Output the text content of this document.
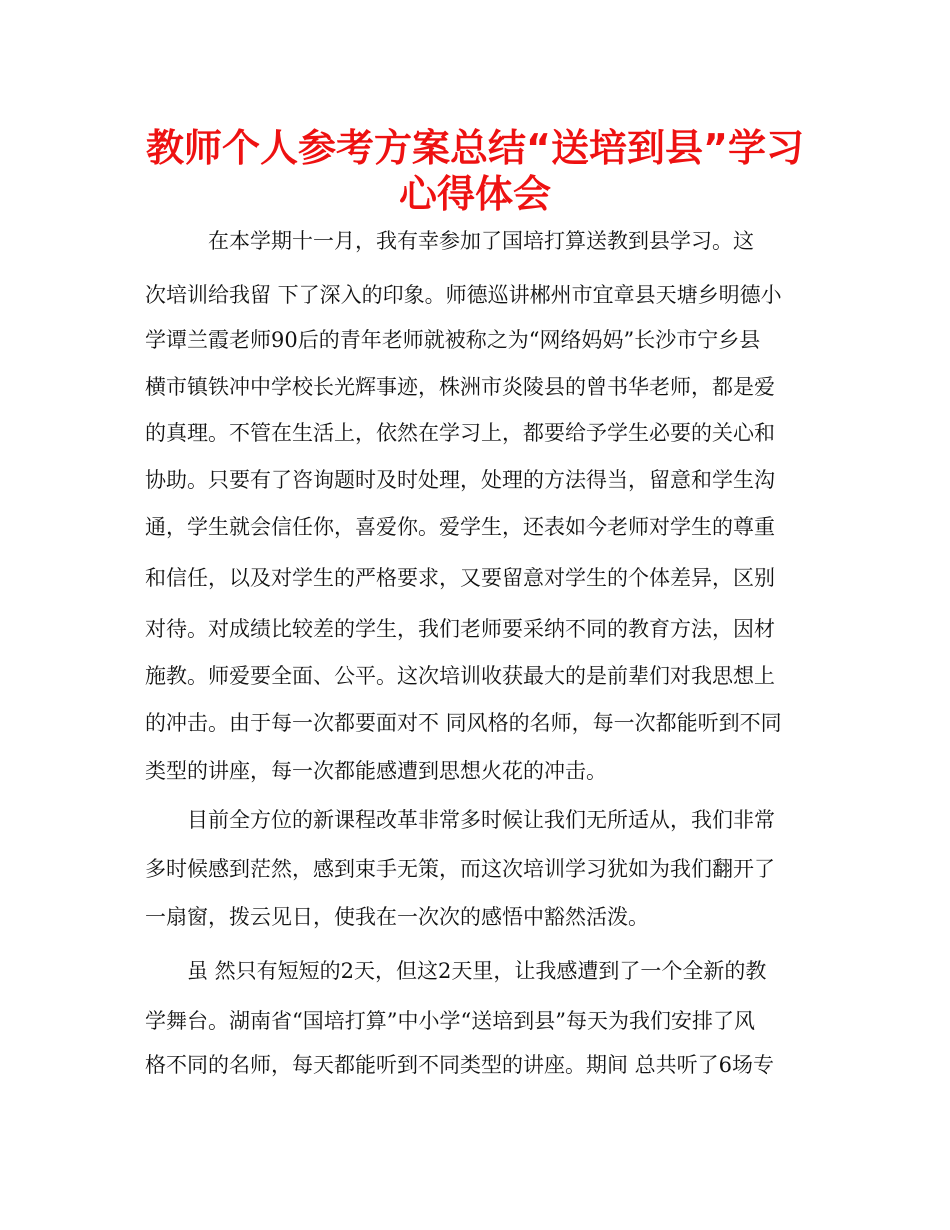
教师个人参考方案总结“送培到县”学习
心得体会
　　　在本学期十一月，我有幸参加了国培打算送教到县学习。这
次培训给我留 下了深入的印象。师德巡讲郴州市宜章县天塘乡明德小
学谭兰霞老师90后的青年老师就被称之为“网络妈妈”长沙市宁乡县
横市镇铁冲中学校长光辉事迹，株洲市炎陵县的曾书华老师，都是爱
的真理。不管在生活上，依然在学习上，都要给予学生必要的关心和
协助。只要有了咨询题时及时处理，处理的方法得当，留意和学生沟
通，学生就会信任你，喜爱你。爱学生，还表如今老师对学生的尊重
和信任，以及对学生的严格要求，又要留意对学生的个体差异，区别
对待。对成绩比较差的学生，我们老师要采纳不同的教育方法，因材
施教。师爱要全面、公平。这次培训收获最大的是前辈们对我思想上
的冲击。由于每一次都要面对不 同风格的名师，每一次都能听到不同
类型的讲座，每一次都能感遭到思想火花的冲击。
　　目前全方位的新课程改革非常多时候让我们无所适从，我们非常
多时候感到茫然，感到束手无策，而这次培训学习犹如为我们翻开了
一扇窗，拨云见日，使我在一次次的感悟中豁然活泼。
　　虽 然只有短短的2天，但这2天里，让我感遭到了一个全新的教
学舞台。湖南省“国培打算”中小学“送培到县”每天为我们安排了风
格不同的名师，每天都能听到不同类型的讲座。期间 总共听了6场专
